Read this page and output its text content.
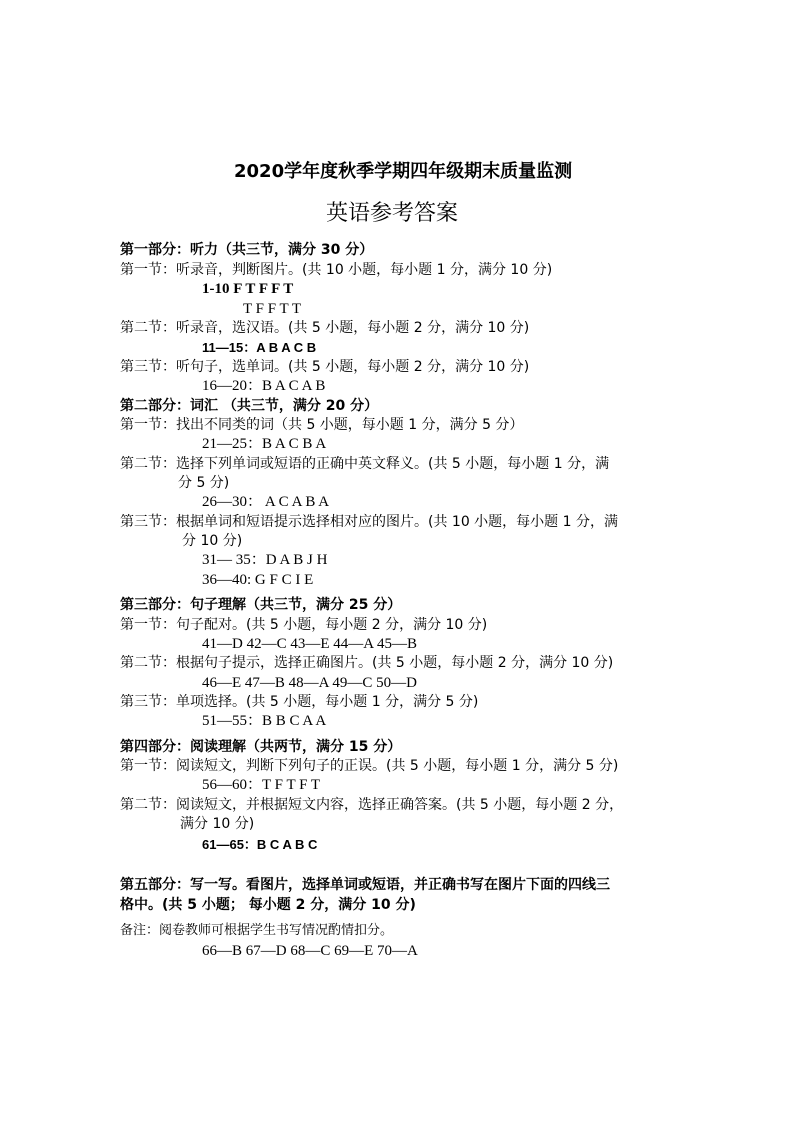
2020学年度秋季学期四年级期末质量监测
英语参考答案
第一部分：听力（共三节，满分 30 分）
第一节：听录音，判断图片。(共 10 小题，每小题 1 分，满分 10 分)
1-10 F T F F T
T F F T T
第二节：听录音，选汉语。(共 5 小题，每小题 2 分，满分 10 分)
11—15：A B A C B
第三节：听句子，选单词。(共 5 小题，每小题 2 分，满分 10 分)
16—20：B A C A B
第二部分：词汇 （共三节，满分 20 分）
第一节：找出不同类的词（共 5 小题，每小题 1 分，满分 5 分）
21—25：B A C B A
第二节：选择下列单词或短语的正确中英文释义。(共 5 小题，每小题 1 分，满
分 5 分)
26—30： A C A B A
第三节：根据单词和短语提示选择相对应的图片。(共 10 小题，每小题 1 分，满
分 10 分)
31— 35：D A B J H
36—40: G F C I E
第三部分：句子理解（共三节，满分 25 分）
第一节：句子配对。(共 5 小题，每小题 2 分，满分 10 分)
41—D 42—C 43—E 44—A 45—B
第二节：根据句子提示，选择正确图片。(共 5 小题，每小题 2 分，满分 10 分)
46—E 47—B 48—A 49—C 50—D
第三节：单项选择。(共 5 小题，每小题 1 分，满分 5 分)
51—55：B B C A A
第四部分：阅读理解（共两节，满分 15 分）
第一节：阅读短文，判断下列句子的正误。(共 5 小题，每小题 1 分，满分 5 分)
56—60：T F T F T
第二节：阅读短文，并根据短文内容，选择正确答案。(共 5 小题，每小题 2 分，
满分 10 分)
61—65：B C A B C
第五部分：写一写。看图片，选择单词或短语，并正确书写在图片下面的四线三
格中。(共 5 小题； 每小题 2 分，满分 10 分)
备注：阅卷教师可根据学生书写情况酌情扣分。
66—B 67—D 68—C 69—E 70—A
